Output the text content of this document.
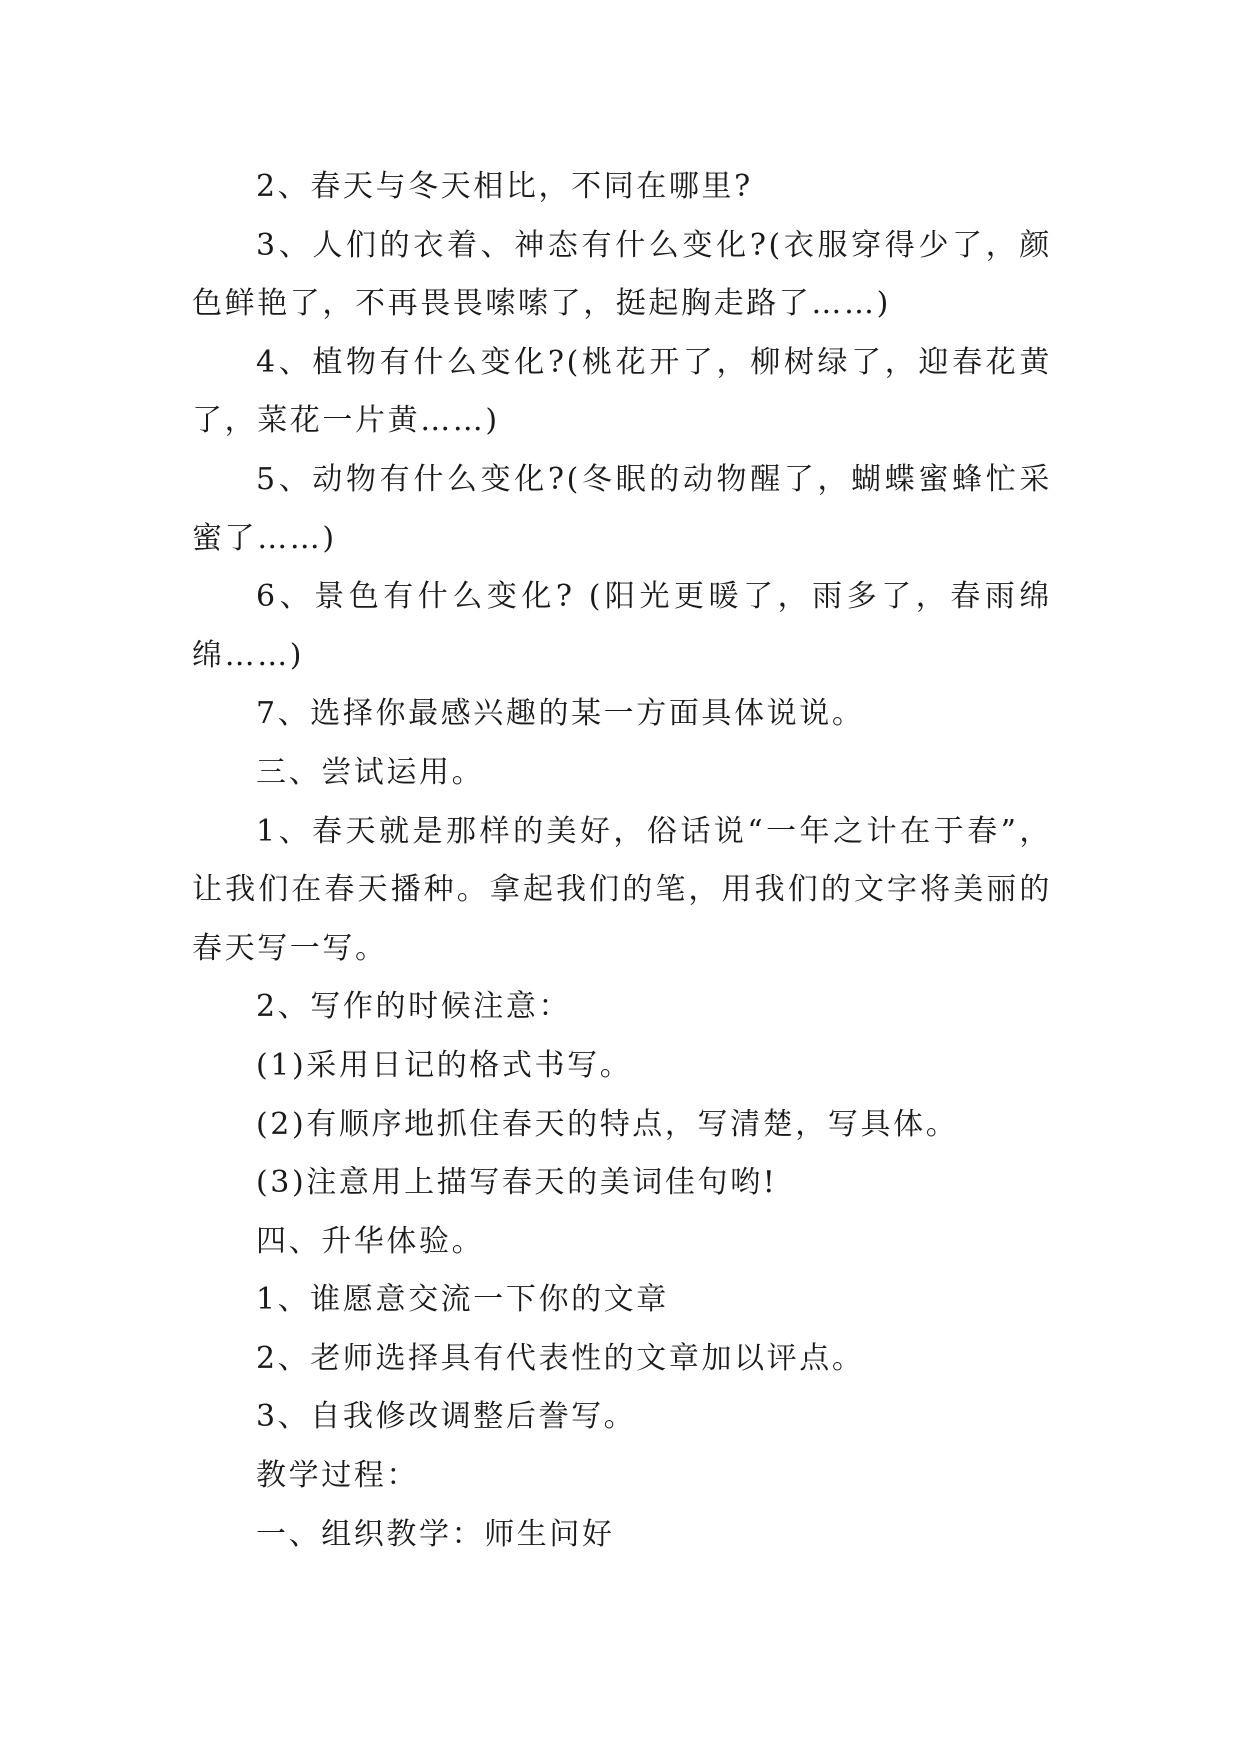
2、春天与冬天相比，不同在哪里?

3、人们的衣着、神态有什么变化?(衣服穿得少了，颜色鲜艳了，不再畏畏嗦嗦了，挺起胸走路了……)

4、植物有什么变化?(桃花开了，柳树绿了，迎春花黄了，菜花一片黄……)

5、动物有什么变化?(冬眠的动物醒了，蝴蝶蜜蜂忙采蜜了……)

6、景色有什么变化? (阳光更暖了，雨多了，春雨绵绵……)

7、选择你最感兴趣的某一方面具体说说。

三、尝试运用。

1、春天就是那样的美好，俗话说“一年之计在于春”，让我们在春天播种。拿起我们的笔，用我们的文字将美丽的春天写一写。

2、写作的时候注意：

(1)采用日记的格式书写。

(2)有顺序地抓住春天的特点，写清楚，写具体。

(3)注意用上描写春天的美词佳句哟!

四、升华体验。

1、谁愿意交流一下你的文章

2、老师选择具有代表性的文章加以评点。

3、自我修改调整后誊写。

教学过程：

一、组织教学：师生问好
